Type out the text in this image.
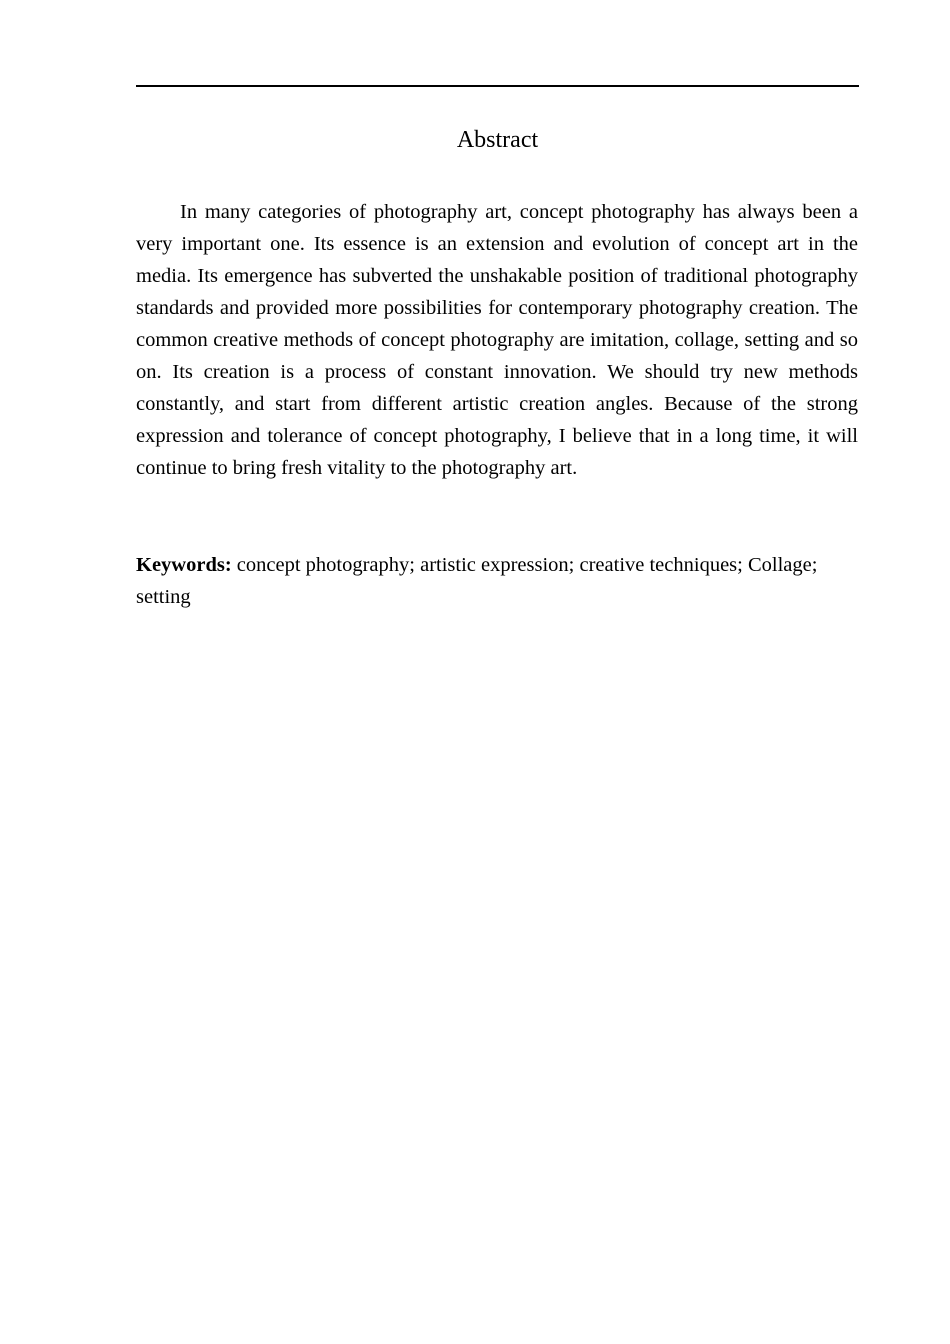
Abstract

In many categories of photography art, concept photography has always been a very important one. Its essence is an extension and evolution of concept art in the media. Its emergence has subverted the unshakable position of traditional photography standards and provided more possibilities for contemporary photography creation. The common creative methods of concept photography are imitation, collage, setting and so on. Its creation is a process of constant innovation. We should try new methods constantly, and start from different artistic creation angles. Because of the strong expression and tolerance of concept photography, I believe that in a long time, it will continue to bring fresh vitality to the photography art.

Keywords: concept photography; artistic expression; creative techniques; Collage; setting
